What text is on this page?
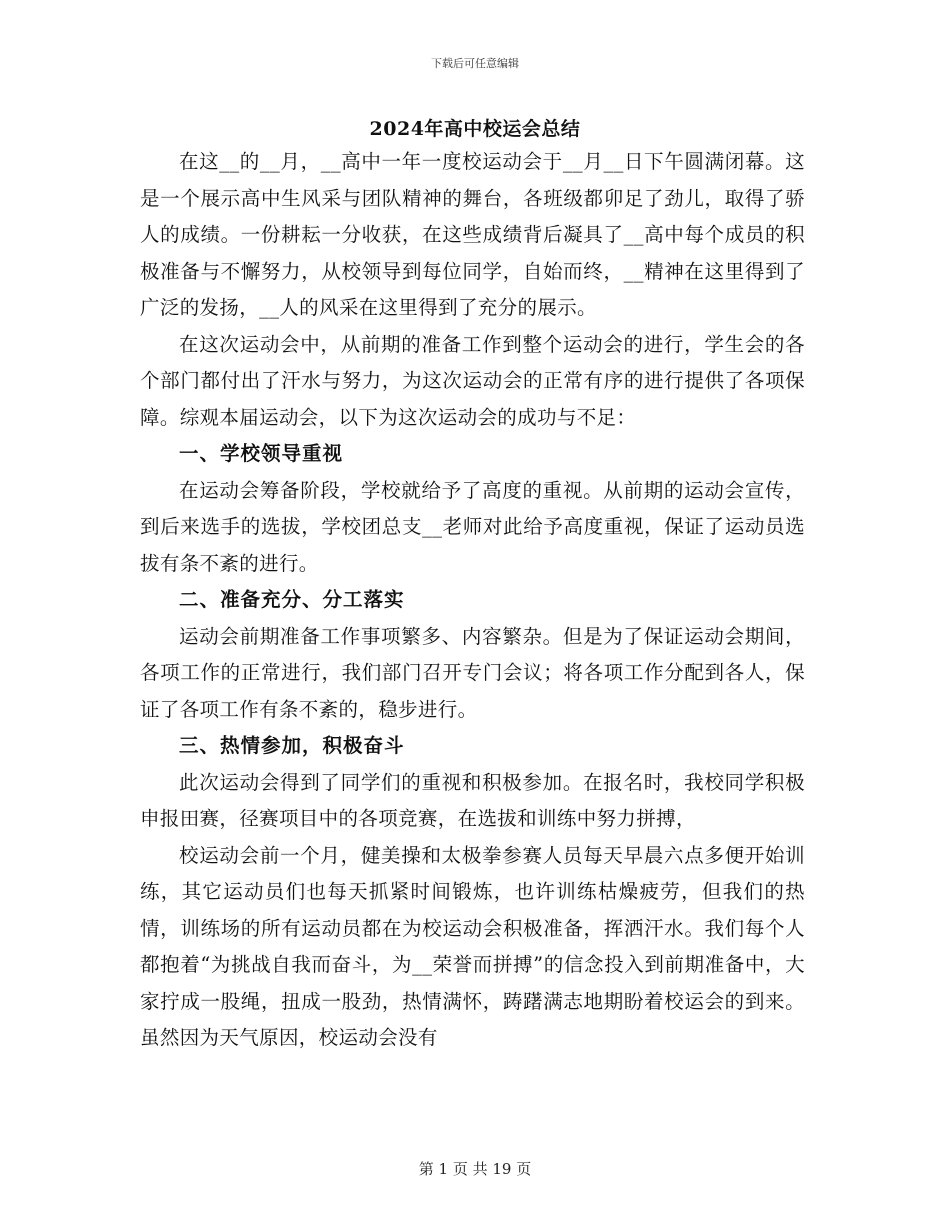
下载后可任意编辑
2024年高中校运会总结

在这__的__月，__高中一年一度校运动会于__月__日下午圆满闭幕。这是一个展示高中生风采与团队精神的舞台，各班级都卯足了劲儿，取得了骄人的成绩。一份耕耘一分收获，在这些成绩背后凝具了__高中每个成员的积极准备与不懈努力，从校领导到每位同学，自始而终，__精神在这里得到了广泛的发扬，__人的风采在这里得到了充分的展示。

在这次运动会中，从前期的准备工作到整个运动会的进行，学生会的各个部门都付出了汗水与努力，为这次运动会的正常有序的进行提供了各项保障。综观本届运动会，以下为这次运动会的成功与不足：

一、学校领导重视

在运动会筹备阶段，学校就给予了高度的重视。从前期的运动会宣传，到后来选手的选拔，学校团总支__老师对此给予高度重视，保证了运动员选拔有条不紊的进行。

二、准备充分、分工落实

运动会前期准备工作事项繁多、内容繁杂。但是为了保证运动会期间，各项工作的正常进行，我们部门召开专门会议；将各项工作分配到各人，保证了各项工作有条不紊的，稳步进行。

三、热情参加，积极奋斗

此次运动会得到了同学们的重视和积极参加。在报名时，我校同学积极申报田赛，径赛项目中的各项竞赛，在选拔和训练中努力拼搏，

校运动会前一个月，健美操和太极拳参赛人员每天早晨六点多便开始训练，其它运动员们也每天抓紧时间锻炼，也许训练枯燥疲劳，但我们的热情，训练场的所有运动员都在为校运动会积极准备，挥洒汗水。我们每个人都抱着“为挑战自我而奋斗，为__荣誉而拼搏”的信念投入到前期准备中，大家拧成一股绳，扭成一股劲，热情满怀，踌躇满志地期盼着校运会的到来。虽然因为天气原因，校运动会没有

第 1 页 共 19 页
